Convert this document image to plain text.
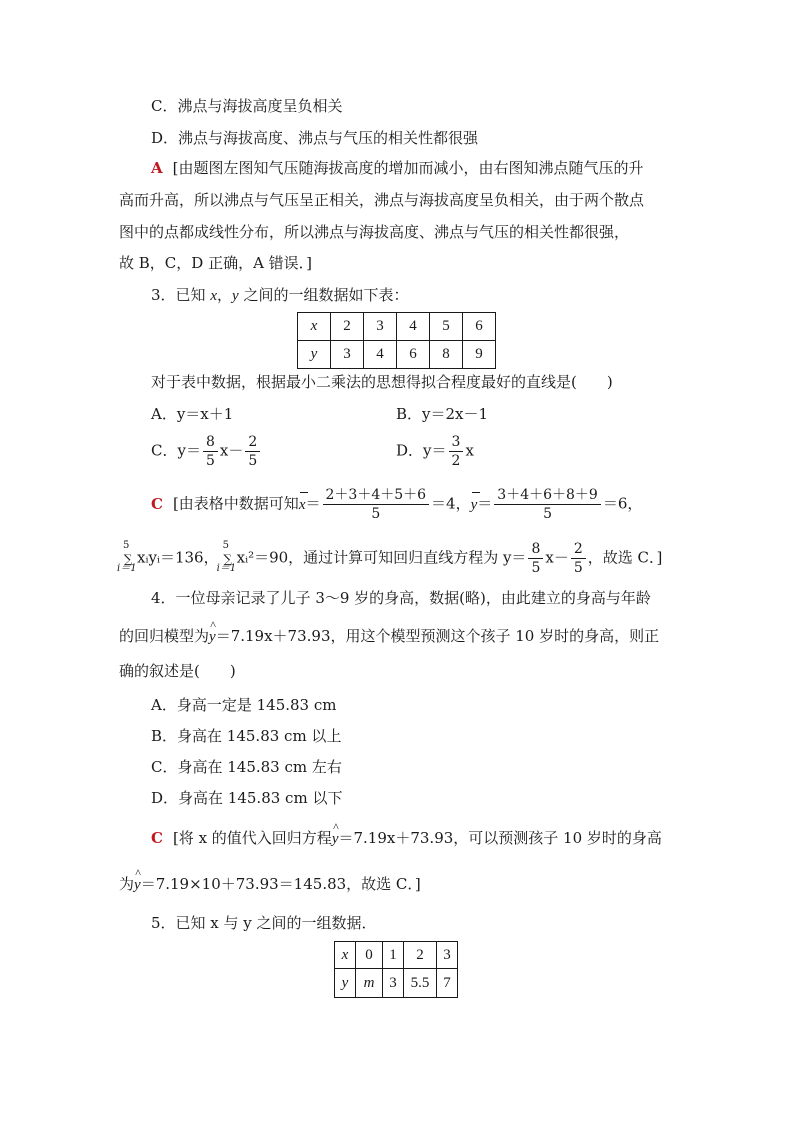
C．沸点与海拔高度呈负相关
D．沸点与海拔高度、沸点与气压的相关性都很强
A [由题图左图知气压随海拔高度的增加而减小，由右图知沸点随气压的升
高而升高，所以沸点与气压呈正相关，沸点与海拔高度呈负相关，由于两个散点
图中的点都成线性分布，所以沸点与海拔高度、沸点与气压的相关性都很强，
故 B，C，D 正确，A 错误．]
3．已知 x，y 之间的一组数据如下表：
x	2	3	4	5	6
y	3	4	6	8	9
对于表中数据，根据最小二乘法的思想得拟合程度最好的直线是(　　)
A．y＝x＋1	B．y＝2x－1
C．$y= \frac{8}{5} x- \frac{2}{5}$	D．$y= \frac{3}{2}$ x
C [由表格中数据可知$x= \frac{2+3+4+5+6}{5} =4$，$y= \frac{3+4+6+8+9}{5} =6$，
5
∑
i＝1
xᵢyᵢ＝136，
5
∑
i＝1
xᵢ²＝90，通过计算可知回归直线方程为 $y= \frac{8}{5} x- \frac{2}{5}$ ，故选 C．]
4．一位母亲记录了儿子 3～9 岁的身高，数据(略)，由此建立的身高与年龄
的回归模型为^ y＝7.19x＋73.93，用这个模型预测这个孩子 10 岁时的身高，则正
确的叙述是(　　)
A．身高一定是 145.83 cm
B．身高在 145.83 cm 以上
C．身高在 145.83 cm 左右
D．身高在 145.83 cm 以下
C [将 x 的值代入回归方程^ y＝7.19x＋73.93，可以预测孩子 10 岁时的身高
为^ y＝7.19×10＋73.93＝145.83，故选 C．]
5．已知 x 与 y 之间的一组数据．
x	0	1	2	3
y	m	3	5.5	7
